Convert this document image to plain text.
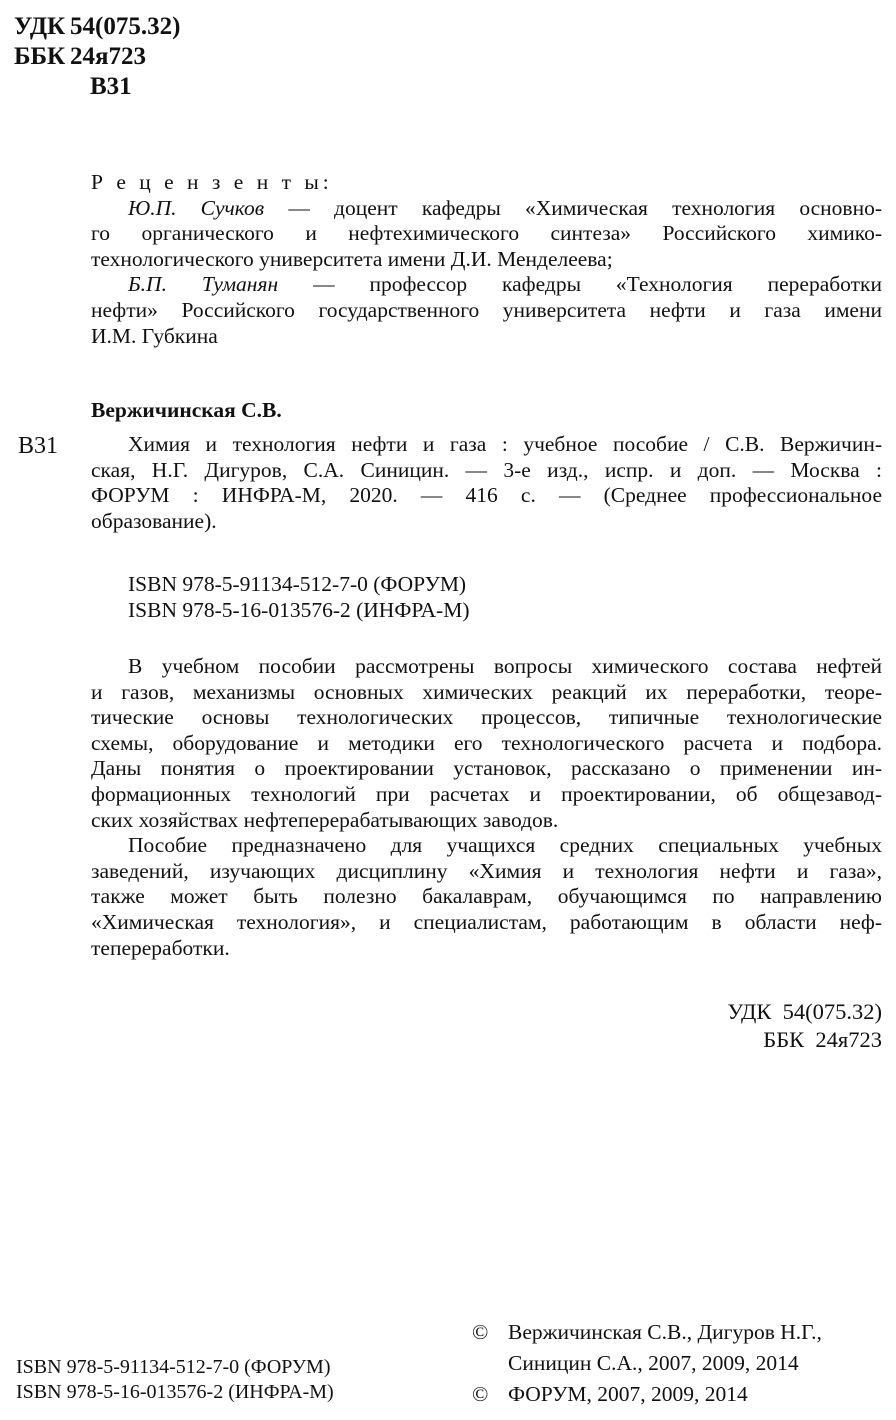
УДК 54(075.32)
ББК 24я723
В31
Р е ц е н з е н т ы:
Ю.П. Сучков — доцент кафедры «Химическая технология основно-
го органического и нефтехимического синтеза» Российского химико-
технологического университета имени Д.И. Менделеева;
Б.П. Туманян — профессор кафедры «Технология переработки
нефти» Российского государственного университета нефти и газа имени
И.М. Губкина
Вержичинская С.В.
В31	Химия и технология нефти и газа : учебное пособие / С.В. Вержичин-
ская, Н.Г. Дигуров, С.А. Синицин. — 3-е изд., испр. и доп. — Москва :
ФОРУМ : ИНФРА-М, 2020. — 416 с. — (Среднее профессиональное
образование).
ISBN 978-5-91134-512-7-0 (ФОРУМ)
ISBN 978-5-16-013576-2 (ИНФРА-М)
В учебном пособии рассмотрены вопросы химического состава нефтей
и газов, механизмы основных химических реакций их переработки, теоре-
тические основы технологических процессов, типичные технологические
схемы, оборудование и методики его технологического расчета и подбора.
Даны понятия о проектировании установок, рассказано о применении ин-
формационных технологий при расчетах и проектировании, об общезавод-
ских хозяйствах нефтеперерабатывающих заводов.
Пособие предназначено для учащихся средних специальных учебных
заведений, изучающих дисциплину «Химия и технология нефти и газа»,
также может быть полезно бакалаврам, обучающимся по направлению
«Химическая технология», и специалистам, работающим в области неф-
тепереработки.
УДК  54(075.32)
ББК  24я723
ISBN 978-5-91134-512-7-0 (ФОРУМ)
ISBN 978-5-16-013576-2 (ИНФРА-М)
© Вержичинская С.В., Дигуров Н.Г.,
Синицин С.А., 2007, 2009, 2014
© ФОРУМ, 2007, 2009, 2014
